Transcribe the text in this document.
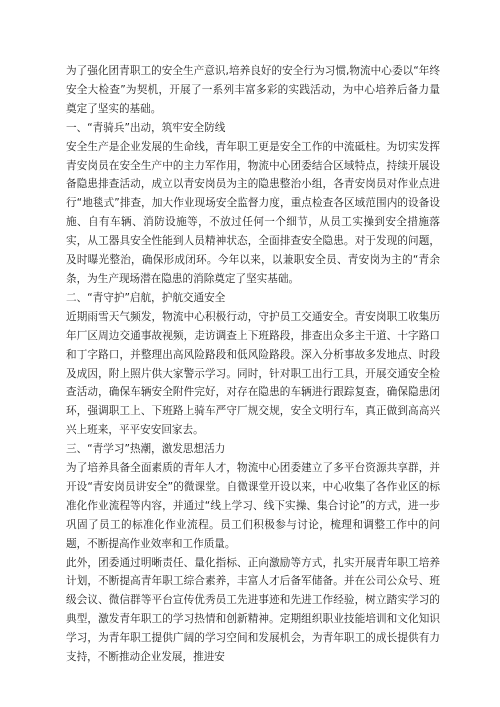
为了强化团青职工的安全生产意识,培养良好的安全行为习惯,物流中心委以“年终安全大检查”为契机，开展了一系列丰富多彩的实践活动，为中心培养后备力量奠定了坚实的基础。

一、“青骑兵”出动，筑牢安全防线

安全生产是企业发展的生命线，青年职工更是安全工作的中流砥柱。为切实发挥青安岗员在安全生产中的主力军作用，物流中心团委结合区域特点，持续开展设备隐患排查活动，成立以青安岗员为主的隐患整治小组，各青安岗员对作业点进行“地毯式”排查，加大作业现场安全监督力度，重点检查各区域范围内的设备设施、自有车辆、消防设施等，不放过任何一个细节，从员工实操到安全措施落实，从工器具安全性能到人员精神状态，全面排查安全隐患。对于发现的问题，及时曝光整治，确保形成闭环。今年以来，以兼职安全员、青安岗为主的“青余条，为生产现场潜在隐患的消除奠定了坚实基础。

二、“青守护”启航，护航交通安全

近期雨雪天气频发，物流中心积极行动，守护员工交通安全。青安岗职工收集历年厂区周边交通事故视频，走访调查上下班路段，排查出众多主干道、十字路口和丁字路口，并整理出高风险路段和低风险路段。深入分析事故多发地点、时段及成因，附上照片供大家警示学习。同时，针对职工出行工具，开展交通安全检查活动，确保车辆安全附件完好，对存在隐患的车辆进行跟踪复查，确保隐患闭环，强调职工上、下班路上骑车严守厂规交规，安全文明行车，真正做到高高兴兴上班来，平平安安回家去。

三、“青学习”热潮，激发思想活力

为了培养具备全面素质的青年人才，物流中心团委建立了多平台资源共享群，并开设“青安岗员讲安全”的微课堂。自微课堂开设以来，中心收集了各作业区的标准化作业流程等内容，并通过“线上学习、线下实操、集合讨论”的方式，进一步巩固了员工的标准化作业流程。员工们积极参与讨论，梳理和调整工作中的问题，不断提高作业效率和工作质量。

此外，团委通过明晰责任、量化指标、正向激励等方式，扎实开展青年职工培养计划，不断提高青年职工综合素养，丰富人才后备军储备。并在公司公众号、班级会议、微信群等平台宣传优秀员工先进事迹和先进工作经验，树立踏实学习的典型，激发青年职工的学习热情和创新精神。定期组织职业技能培训和文化知识学习，为青年职工提供广阔的学习空间和发展机会，为青年职工的成长提供有力支持，不断推动企业发展，推进安
